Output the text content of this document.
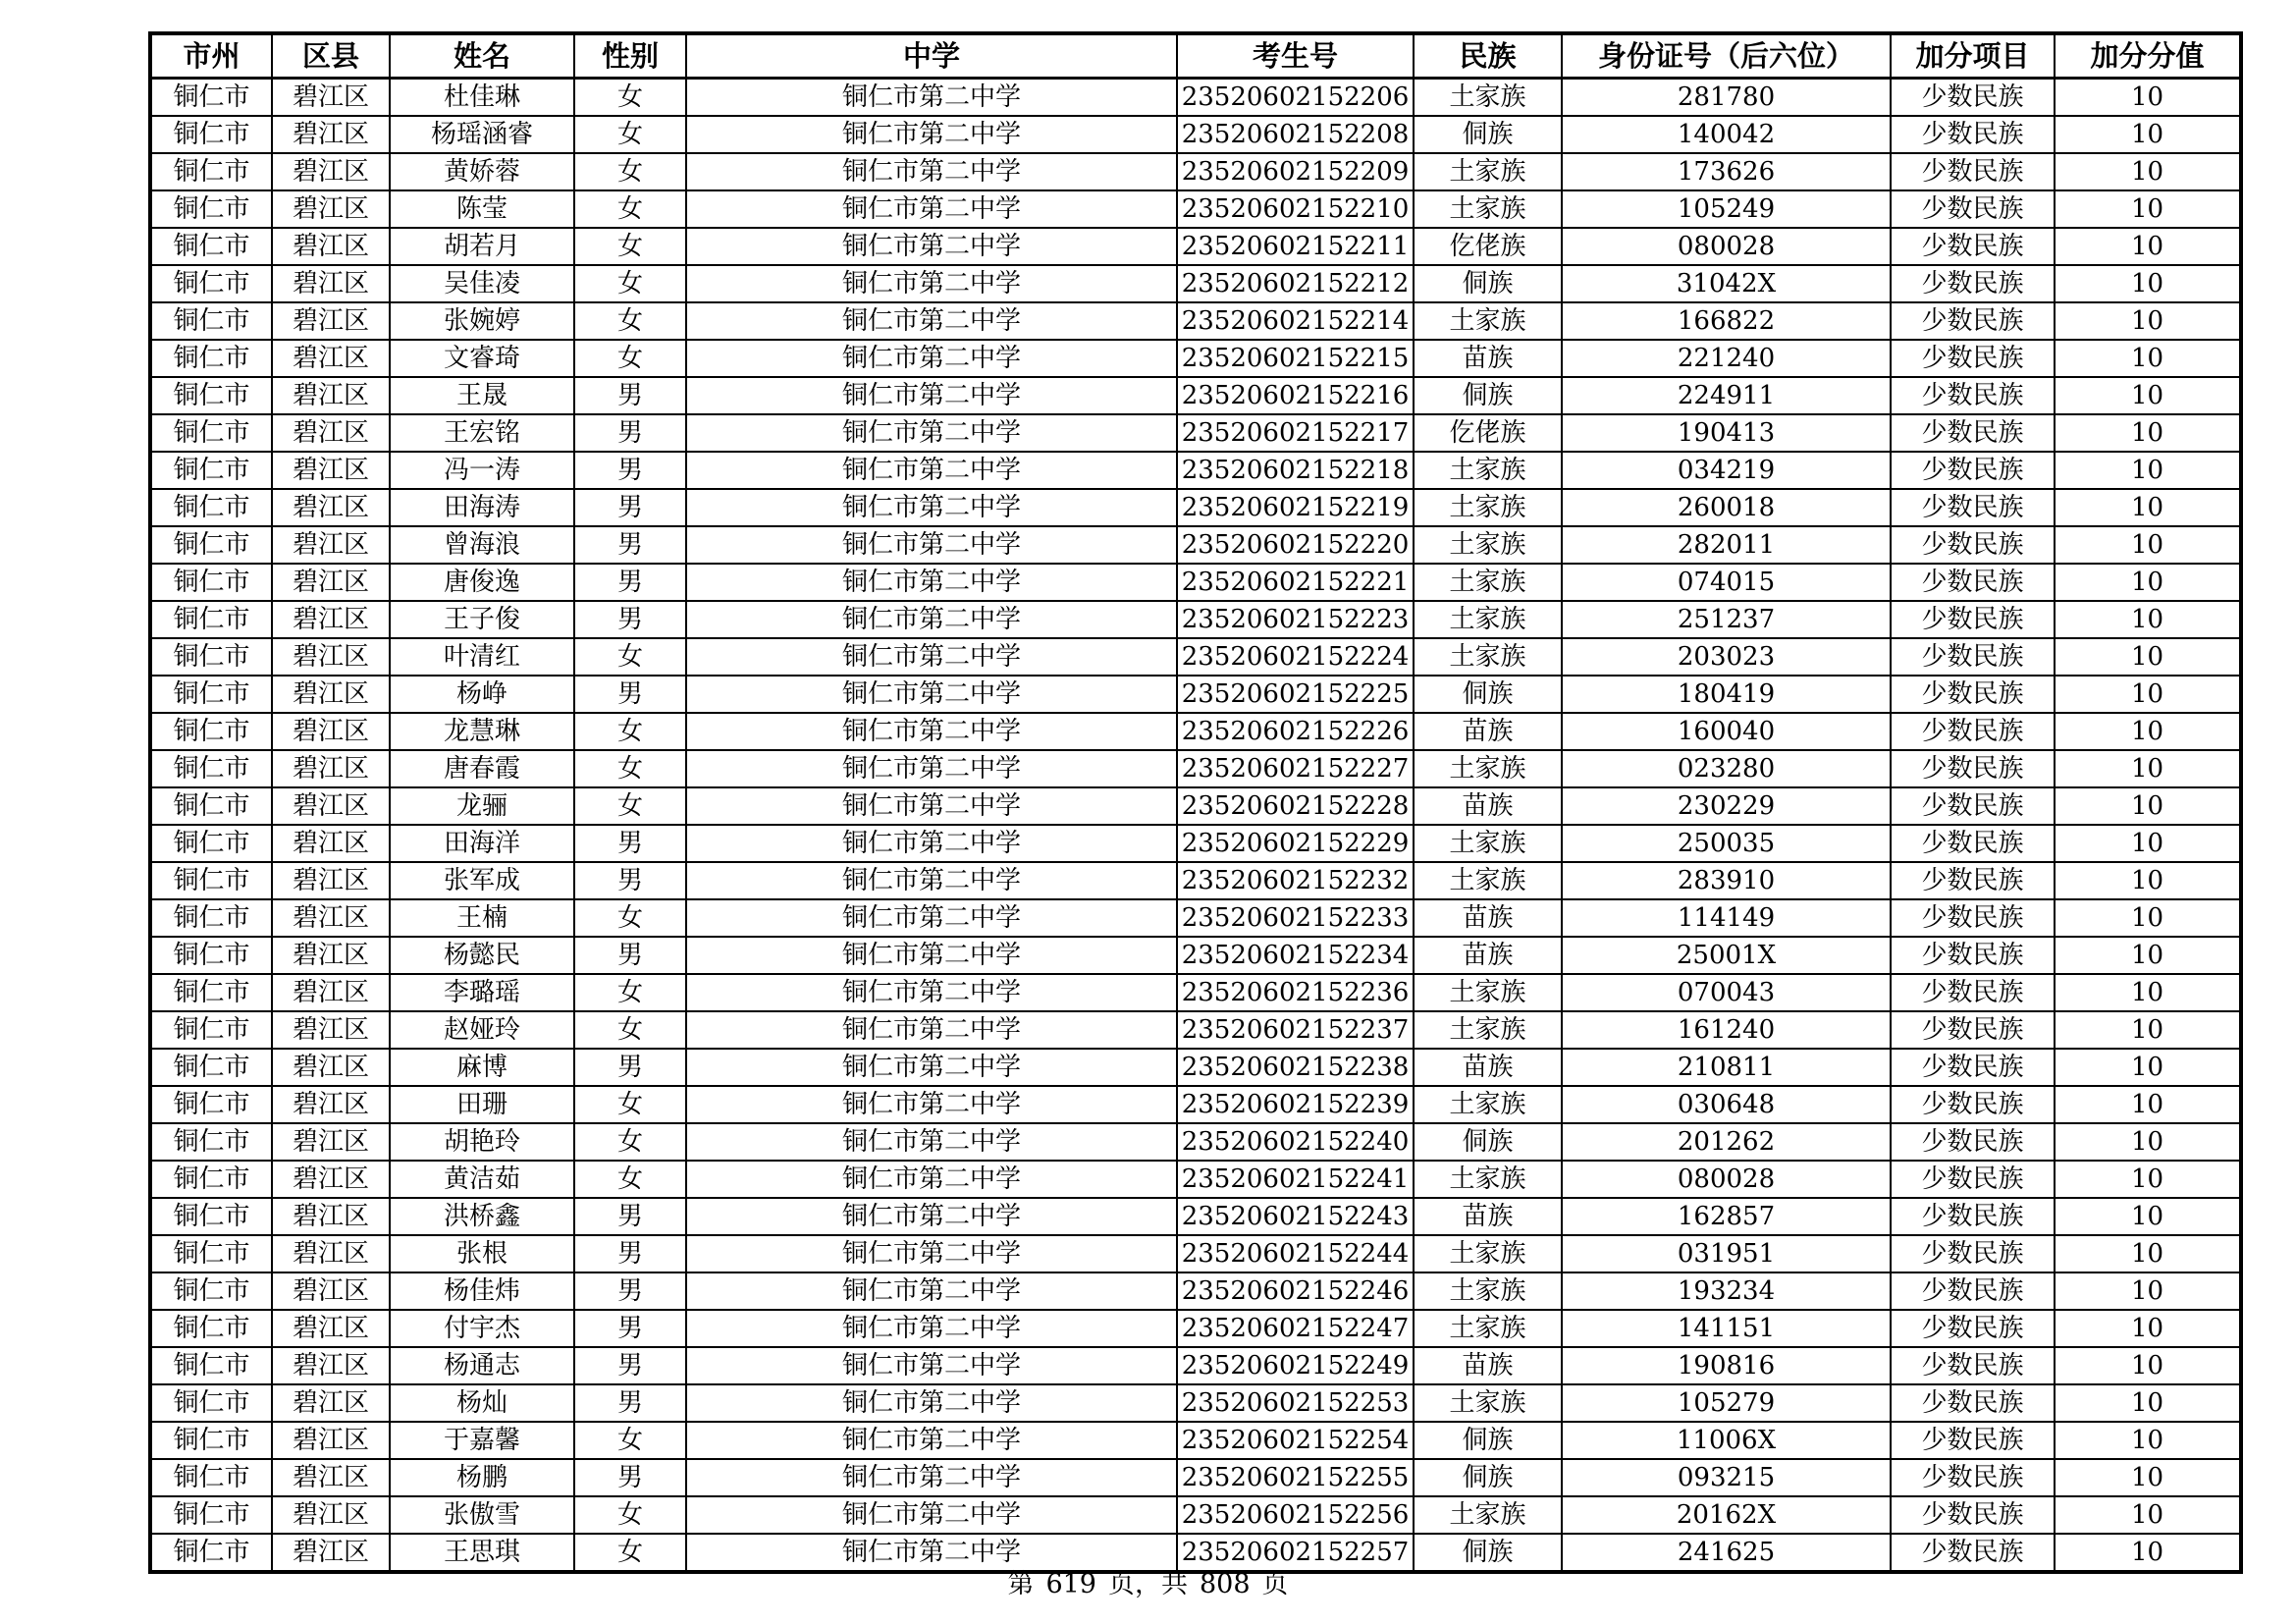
市州	区县	姓名	性别	中学	考生号	民族	身份证号（后六位）	加分项目	加分分值
铜仁市	碧江区	杜佳琳	女	铜仁市第二中学	23520602152206	土家族	281780	少数民族	10
铜仁市	碧江区	杨瑶涵睿	女	铜仁市第二中学	23520602152208	侗族	140042	少数民族	10
铜仁市	碧江区	黄娇蓉	女	铜仁市第二中学	23520602152209	土家族	173626	少数民族	10
铜仁市	碧江区	陈莹	女	铜仁市第二中学	23520602152210	土家族	105249	少数民族	10
铜仁市	碧江区	胡若月	女	铜仁市第二中学	23520602152211	仡佬族	080028	少数民族	10
铜仁市	碧江区	吴佳凌	女	铜仁市第二中学	23520602152212	侗族	31042X	少数民族	10
铜仁市	碧江区	张婉婷	女	铜仁市第二中学	23520602152214	土家族	166822	少数民族	10
铜仁市	碧江区	文睿琦	女	铜仁市第二中学	23520602152215	苗族	221240	少数民族	10
铜仁市	碧江区	王晟	男	铜仁市第二中学	23520602152216	侗族	224911	少数民族	10
铜仁市	碧江区	王宏铭	男	铜仁市第二中学	23520602152217	仡佬族	190413	少数民族	10
铜仁市	碧江区	冯一涛	男	铜仁市第二中学	23520602152218	土家族	034219	少数民族	10
铜仁市	碧江区	田海涛	男	铜仁市第二中学	23520602152219	土家族	260018	少数民族	10
铜仁市	碧江区	曾海浪	男	铜仁市第二中学	23520602152220	土家族	282011	少数民族	10
铜仁市	碧江区	唐俊逸	男	铜仁市第二中学	23520602152221	土家族	074015	少数民族	10
铜仁市	碧江区	王子俊	男	铜仁市第二中学	23520602152223	土家族	251237	少数民族	10
铜仁市	碧江区	叶清红	女	铜仁市第二中学	23520602152224	土家族	203023	少数民族	10
铜仁市	碧江区	杨峥	男	铜仁市第二中学	23520602152225	侗族	180419	少数民族	10
铜仁市	碧江区	龙慧琳	女	铜仁市第二中学	23520602152226	苗族	160040	少数民族	10
铜仁市	碧江区	唐春霞	女	铜仁市第二中学	23520602152227	土家族	023280	少数民族	10
铜仁市	碧江区	龙骊	女	铜仁市第二中学	23520602152228	苗族	230229	少数民族	10
铜仁市	碧江区	田海洋	男	铜仁市第二中学	23520602152229	土家族	250035	少数民族	10
铜仁市	碧江区	张军成	男	铜仁市第二中学	23520602152232	土家族	283910	少数民族	10
铜仁市	碧江区	王楠	女	铜仁市第二中学	23520602152233	苗族	114149	少数民族	10
铜仁市	碧江区	杨懿民	男	铜仁市第二中学	23520602152234	苗族	25001X	少数民族	10
铜仁市	碧江区	李璐瑶	女	铜仁市第二中学	23520602152236	土家族	070043	少数民族	10
铜仁市	碧江区	赵娅玲	女	铜仁市第二中学	23520602152237	土家族	161240	少数民族	10
铜仁市	碧江区	麻博	男	铜仁市第二中学	23520602152238	苗族	210811	少数民族	10
铜仁市	碧江区	田珊	女	铜仁市第二中学	23520602152239	土家族	030648	少数民族	10
铜仁市	碧江区	胡艳玲	女	铜仁市第二中学	23520602152240	侗族	201262	少数民族	10
铜仁市	碧江区	黄洁茹	女	铜仁市第二中学	23520602152241	土家族	080028	少数民族	10
铜仁市	碧江区	洪桥鑫	男	铜仁市第二中学	23520602152243	苗族	162857	少数民族	10
铜仁市	碧江区	张根	男	铜仁市第二中学	23520602152244	土家族	031951	少数民族	10
铜仁市	碧江区	杨佳炜	男	铜仁市第二中学	23520602152246	土家族	193234	少数民族	10
铜仁市	碧江区	付宇杰	男	铜仁市第二中学	23520602152247	土家族	141151	少数民族	10
铜仁市	碧江区	杨通志	男	铜仁市第二中学	23520602152249	苗族	190816	少数民族	10
铜仁市	碧江区	杨灿	男	铜仁市第二中学	23520602152253	土家族	105279	少数民族	10
铜仁市	碧江区	于嘉馨	女	铜仁市第二中学	23520602152254	侗族	11006X	少数民族	10
铜仁市	碧江区	杨鹏	男	铜仁市第二中学	23520602152255	侗族	093215	少数民族	10
铜仁市	碧江区	张傲雪	女	铜仁市第二中学	23520602152256	土家族	20162X	少数民族	10
铜仁市	碧江区	王思琪	女	铜仁市第二中学	23520602152257	侗族	241625	少数民族	10
第 619 页，共 808 页
